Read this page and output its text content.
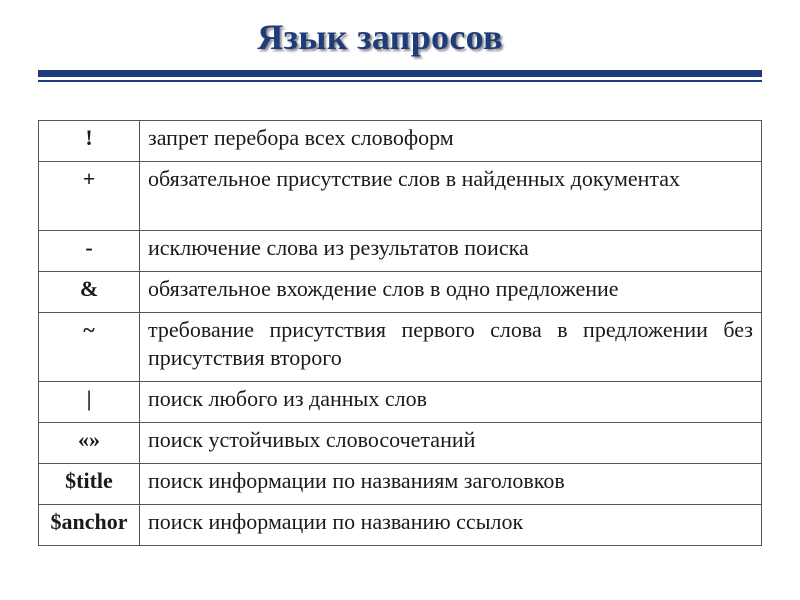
Язык запросов
!	запрет перебора всех словоформ
+	обязательное присутствие слов в найденных документах
-	исключение слова из результатов поиска
&	обязательное вхождение слов в одно предложение
~	требование присутствия первого слова в предложении без присутствия второго
|	поиск любого из данных слов
«»	поиск устойчивых словосочетаний
$title	поиск информации по названиям заголовков
$anchor	поиск информации по названию ссылок
